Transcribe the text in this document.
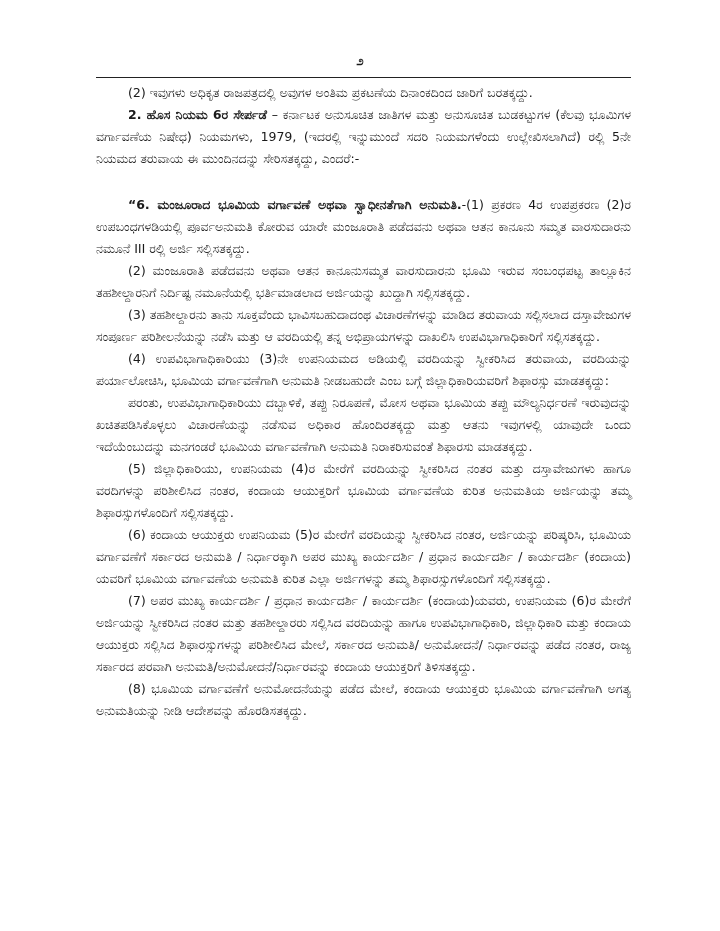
೨

(2) ಇವುಗಳು ಅಧಿಕೃತ ರಾಜಪತ್ರದಲ್ಲಿ ಅವುಗಳ ಅಂತಿಮ ಪ್ರಕಟಣೆಯ ದಿನಾಂಕದಿಂದ ಜಾರಿಗೆ ಬರತಕ್ಕದ್ದು.

2. ಹೊಸ ನಿಯಮ 6ರ ಸೇರ್ಪಡೆ – ಕರ್ನಾಟಕ ಅನುಸೂಚಿತ ಜಾತಿಗಳ ಮತ್ತು ಅನುಸೂಚಿತ ಬುಡಕಟ್ಟುಗಳ (ಕೆಲವು ಭೂಮಿಗಳ ವರ್ಗಾವಣೆಯ ನಿಷೇಧ) ನಿಯಮಗಳು, 1979, (ಇದರಲ್ಲಿ ಇನ್ನುಮುಂದೆ ಸದರಿ ನಿಯಮಗಳೆಂದು ಉಲ್ಲೇಖಿಸಲಾಗಿದೆ) ರಲ್ಲಿ 5ನೇ ನಿಯಮದ ತರುವಾಯ ಈ ಮುಂದಿನದನ್ನು ಸೇರಿಸತಕ್ಕದ್ದು, ಎಂದರೆ:-

“6. ಮಂಜೂರಾದ ಭೂಮಿಯ ವರ್ಗಾವಣೆ ಅಥವಾ ಸ್ವಾಧೀನತೆಗಾಗಿ ಅನುಮತಿ.-(1) ಪ್ರಕರಣ 4ರ ಉಪಪ್ರಕರಣ (2)ರ ಉಪಬಂಧಗಳಡಿಯಲ್ಲಿ ಪೂರ್ವಅನುಮತಿ ಕೋರುವ ಯಾರೇ ಮಂಜೂರಾತಿ ಪಡೆದವನು ಅಥವಾ ಆತನ ಕಾನೂನು ಸಮ್ಮತ ವಾರಸುದಾರನು ನಮೂನೆ III ರಲ್ಲಿ ಅರ್ಜಿ ಸಲ್ಲಿಸತಕ್ಕದ್ದು.

(2) ಮಂಜೂರಾತಿ ಪಡೆದವನು ಅಥವಾ ಆತನ ಕಾನೂನುಸಮ್ಮತ ವಾರಸುದಾರನು ಭೂಮಿ ಇರುವ ಸಂಬಂಧಪಟ್ಟ ತಾಲ್ಲೂಕಿನ ತಹಶೀಲ್ದಾರನಿಗೆ ನಿರ್ದಿಷ್ಟ ನಮೂನೆಯಲ್ಲಿ ಭರ್ತಿಮಾಡಲಾದ ಅರ್ಜಿಯನ್ನು ಖುದ್ದಾಗಿ ಸಲ್ಲಿಸತಕ್ಕದ್ದು.

(3) ತಹಶೀಲ್ದಾರನು ತಾನು ಸೂಕ್ತವೆಂದು ಭಾವಿಸಬಹುದಾದಂಥ ವಿಚಾರಣೆಗಳನ್ನು ಮಾಡಿದ ತರುವಾಯ ಸಲ್ಲಿಸಲಾದ ದಸ್ತಾವೇಜುಗಳ ಸಂಪೂರ್ಣ ಪರಿಶೀಲನೆಯನ್ನು ನಡೆಸಿ ಮತ್ತು ಆ ವರದಿಯಲ್ಲಿ ತನ್ನ ಅಭಿಪ್ರಾಯಗಳನ್ನು ದಾಖಲಿಸಿ ಉಪವಿಭಾಗಾಧಿಕಾರಿಗೆ ಸಲ್ಲಿಸತಕ್ಕದ್ದು.

(4) ಉಪವಿಭಾಗಾಧಿಕಾರಿಯು (3)ನೇ ಉಪನಿಯಮದ ಅಡಿಯಲ್ಲಿ ವರದಿಯನ್ನು ಸ್ವೀಕರಿಸಿದ ತರುವಾಯ, ವರದಿಯನ್ನು ಪರ್ಯಾಲೋಚಿಸಿ, ಭೂಮಿಯ ವರ್ಗಾವಣೆಗಾಗಿ ಅನುಮತಿ ನೀಡಬಹುದೇ ಎಂಬ ಬಗ್ಗೆ ಜಿಲ್ಲಾಧಿಕಾರಿಯವರಿಗೆ ಶಿಫಾರಸ್ಸು ಮಾಡತಕ್ಕದ್ದು:

ಪರಂತು, ಉಪವಿಭಾಗಾಧಿಕಾರಿಯು ದಬ್ಬಾಳಿಕೆ, ತಪ್ಪು ನಿರೂಪಣೆ, ಮೋಸ ಅಥವಾ ಭೂಮಿಯ ತಪ್ಪು ಮೌಲ್ಯನಿರ್ಧರಣೆ ಇರುವುದನ್ನು ಖಚಿತಪಡಿಸಿಕೊಳ್ಳಲು ವಿಚಾರಣೆಯನ್ನು ನಡೆಸುವ ಅಧಿಕಾರ ಹೊಂದಿರತಕ್ಕದ್ದು ಮತ್ತು ಆತನು ಇವುಗಳಲ್ಲಿ ಯಾವುದೇ ಒಂದು ಇದೆಯೆಂಬುದನ್ನು ಮನಗಂಡರೆ ಭೂಮಿಯ ವರ್ಗಾವಣೆಗಾಗಿ ಅನುಮತಿ ನಿರಾಕರಿಸುವಂತೆ ಶಿಫಾರಸು ಮಾಡತಕ್ಕದ್ದು.

(5) ಜಿಲ್ಲಾಧಿಕಾರಿಯು, ಉಪನಿಯಮ (4)ರ ಮೇರೆಗೆ ವರದಿಯನ್ನು ಸ್ವೀಕರಿಸಿದ ನಂತರ ಮತ್ತು ದಸ್ತಾವೇಜುಗಳು ಹಾಗೂ ವರದಿಗಳನ್ನು ಪರಿಶೀಲಿಸಿದ ನಂತರ, ಕಂದಾಯ ಆಯುಕ್ತರಿಗೆ ಭೂಮಿಯ ವರ್ಗಾವಣೆಯ ಕುರಿತ ಅನುಮತಿಯ ಅರ್ಜಿಯನ್ನು ತಮ್ಮ ಶಿಫಾರಸ್ಸುಗಳೊಂದಿಗೆ ಸಲ್ಲಿಸತಕ್ಕದ್ದು.

(6) ಕಂದಾಯ ಆಯುಕ್ತರು ಉಪನಿಯಮ (5)ರ ಮೇರೆಗೆ ವರದಿಯನ್ನು ಸ್ವೀಕರಿಸಿದ ನಂತರ, ಅರ್ಜಿಯನ್ನು ಪರಿಷ್ಕರಿಸಿ, ಭೂಮಿಯ ವರ್ಗಾವಣೆಗೆ ಸರ್ಕಾರದ ಅನುಮತಿ / ನಿರ್ಧಾರಕ್ಕಾಗಿ ಅಪರ ಮುಖ್ಯ ಕಾರ್ಯದರ್ಶಿ / ಪ್ರಧಾನ ಕಾರ್ಯದರ್ಶಿ / ಕಾರ್ಯದರ್ಶಿ (ಕಂದಾಯ) ಯವರಿಗೆ ಭೂಮಿಯ ವರ್ಗಾವಣೆಯ ಅನುಮತಿ ಕುರಿತ ಎಲ್ಲಾ ಅರ್ಜಿಗಳನ್ನು ತಮ್ಮ ಶಿಫಾರಸ್ಸುಗಳೊಂದಿಗೆ ಸಲ್ಲಿಸತಕ್ಕದ್ದು.

(7) ಅಪರ ಮುಖ್ಯ ಕಾರ್ಯದರ್ಶಿ / ಪ್ರಧಾನ ಕಾರ್ಯದರ್ಶಿ / ಕಾರ್ಯದರ್ಶಿ (ಕಂದಾಯ)ಯವರು, ಉಪನಿಯಮ (6)ರ ಮೇರೆಗೆ ಅರ್ಜಿಯನ್ನು ಸ್ವೀಕರಿಸಿದ ನಂತರ ಮತ್ತು ತಹಶೀಲ್ದಾರರು ಸಲ್ಲಿಸಿದ ವರದಿಯನ್ನು ಹಾಗೂ ಉಪವಿಭಾಗಾಧಿಕಾರಿ, ಜಿಲ್ಲಾಧಿಕಾರಿ ಮತ್ತು ಕಂದಾಯ ಆಯುಕ್ತರು ಸಲ್ಲಿಸಿದ ಶಿಫಾರಸ್ಸುಗಳನ್ನು ಪರಿಶೀಲಿಸಿದ ಮೇಲೆ, ಸರ್ಕಾರದ ಅನುಮತಿ/ ಅನುಮೋದನೆ/ ನಿರ್ಧಾರವನ್ನು ಪಡೆದ ನಂತರ, ರಾಜ್ಯ ಸರ್ಕಾರದ ಪರವಾಗಿ ಅನುಮತಿ/ಅನುಮೋದನೆ/ನಿರ್ಧಾರವನ್ನು ಕಂದಾಯ ಆಯುಕ್ತರಿಗೆ ತಿಳಿಸತಕ್ಕದ್ದು.

(8) ಭೂಮಿಯ ವರ್ಗಾವಣೆಗೆ ಅನುಮೋದನೆಯನ್ನು ಪಡೆದ ಮೇಲೆ, ಕಂದಾಯ ಆಯುಕ್ತರು ಭೂಮಿಯ ವರ್ಗಾವಣೆಗಾಗಿ ಅಗತ್ಯ ಅನುಮತಿಯನ್ನು ನೀಡಿ ಆದೇಶವನ್ನು ಹೊರಡಿಸತಕ್ಕದ್ದು.
